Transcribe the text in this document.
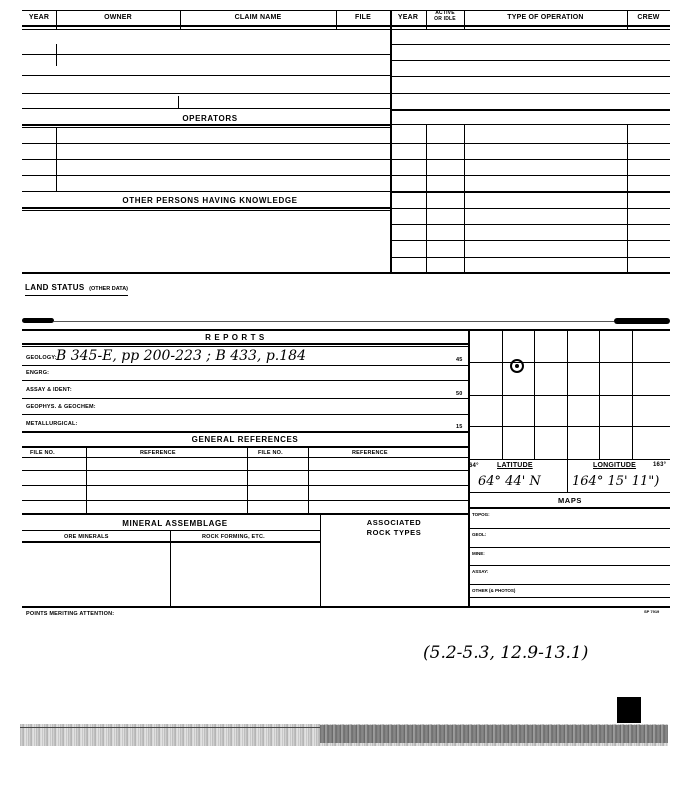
YEAR	OWNER	CLAIM NAME	FILE	YEAR
ACTIVE
OR IDLE	TYPE OF OPERATION	CREW
OPERATORS
OTHER PERSONS HAVING KNOWLEDGE
LAND STATUS (OTHER DATA)
R E P O R T S
GEOLOGY: B 345-E, pp 200-223 ; B 433, p.184	45
ENGRG:
ASSAY & IDENT:
50
GEOPHYS. & GEOCHEM:
METALLURGICAL:	15
GENERAL REFERENCES
FILE NO.	REFERENCE	FILE NO.	REFERENCE
MINERAL ASSEMBLAGE
ORE MINERALS	ROCK FORMING, ETC.
ASSOCIATED
ROCK TYPES
64°	LATITUDE	LONGITUDE	163°
64° 44' N 164° 15' 11")
MAPS
TOPOG:
GEOL:
MINE:
ASSAY:
OTHER (& PHOTOS)
POINTS MERITING ATTENTION:	SP 7919
(5.2-5.3, 12.9-13.1)
